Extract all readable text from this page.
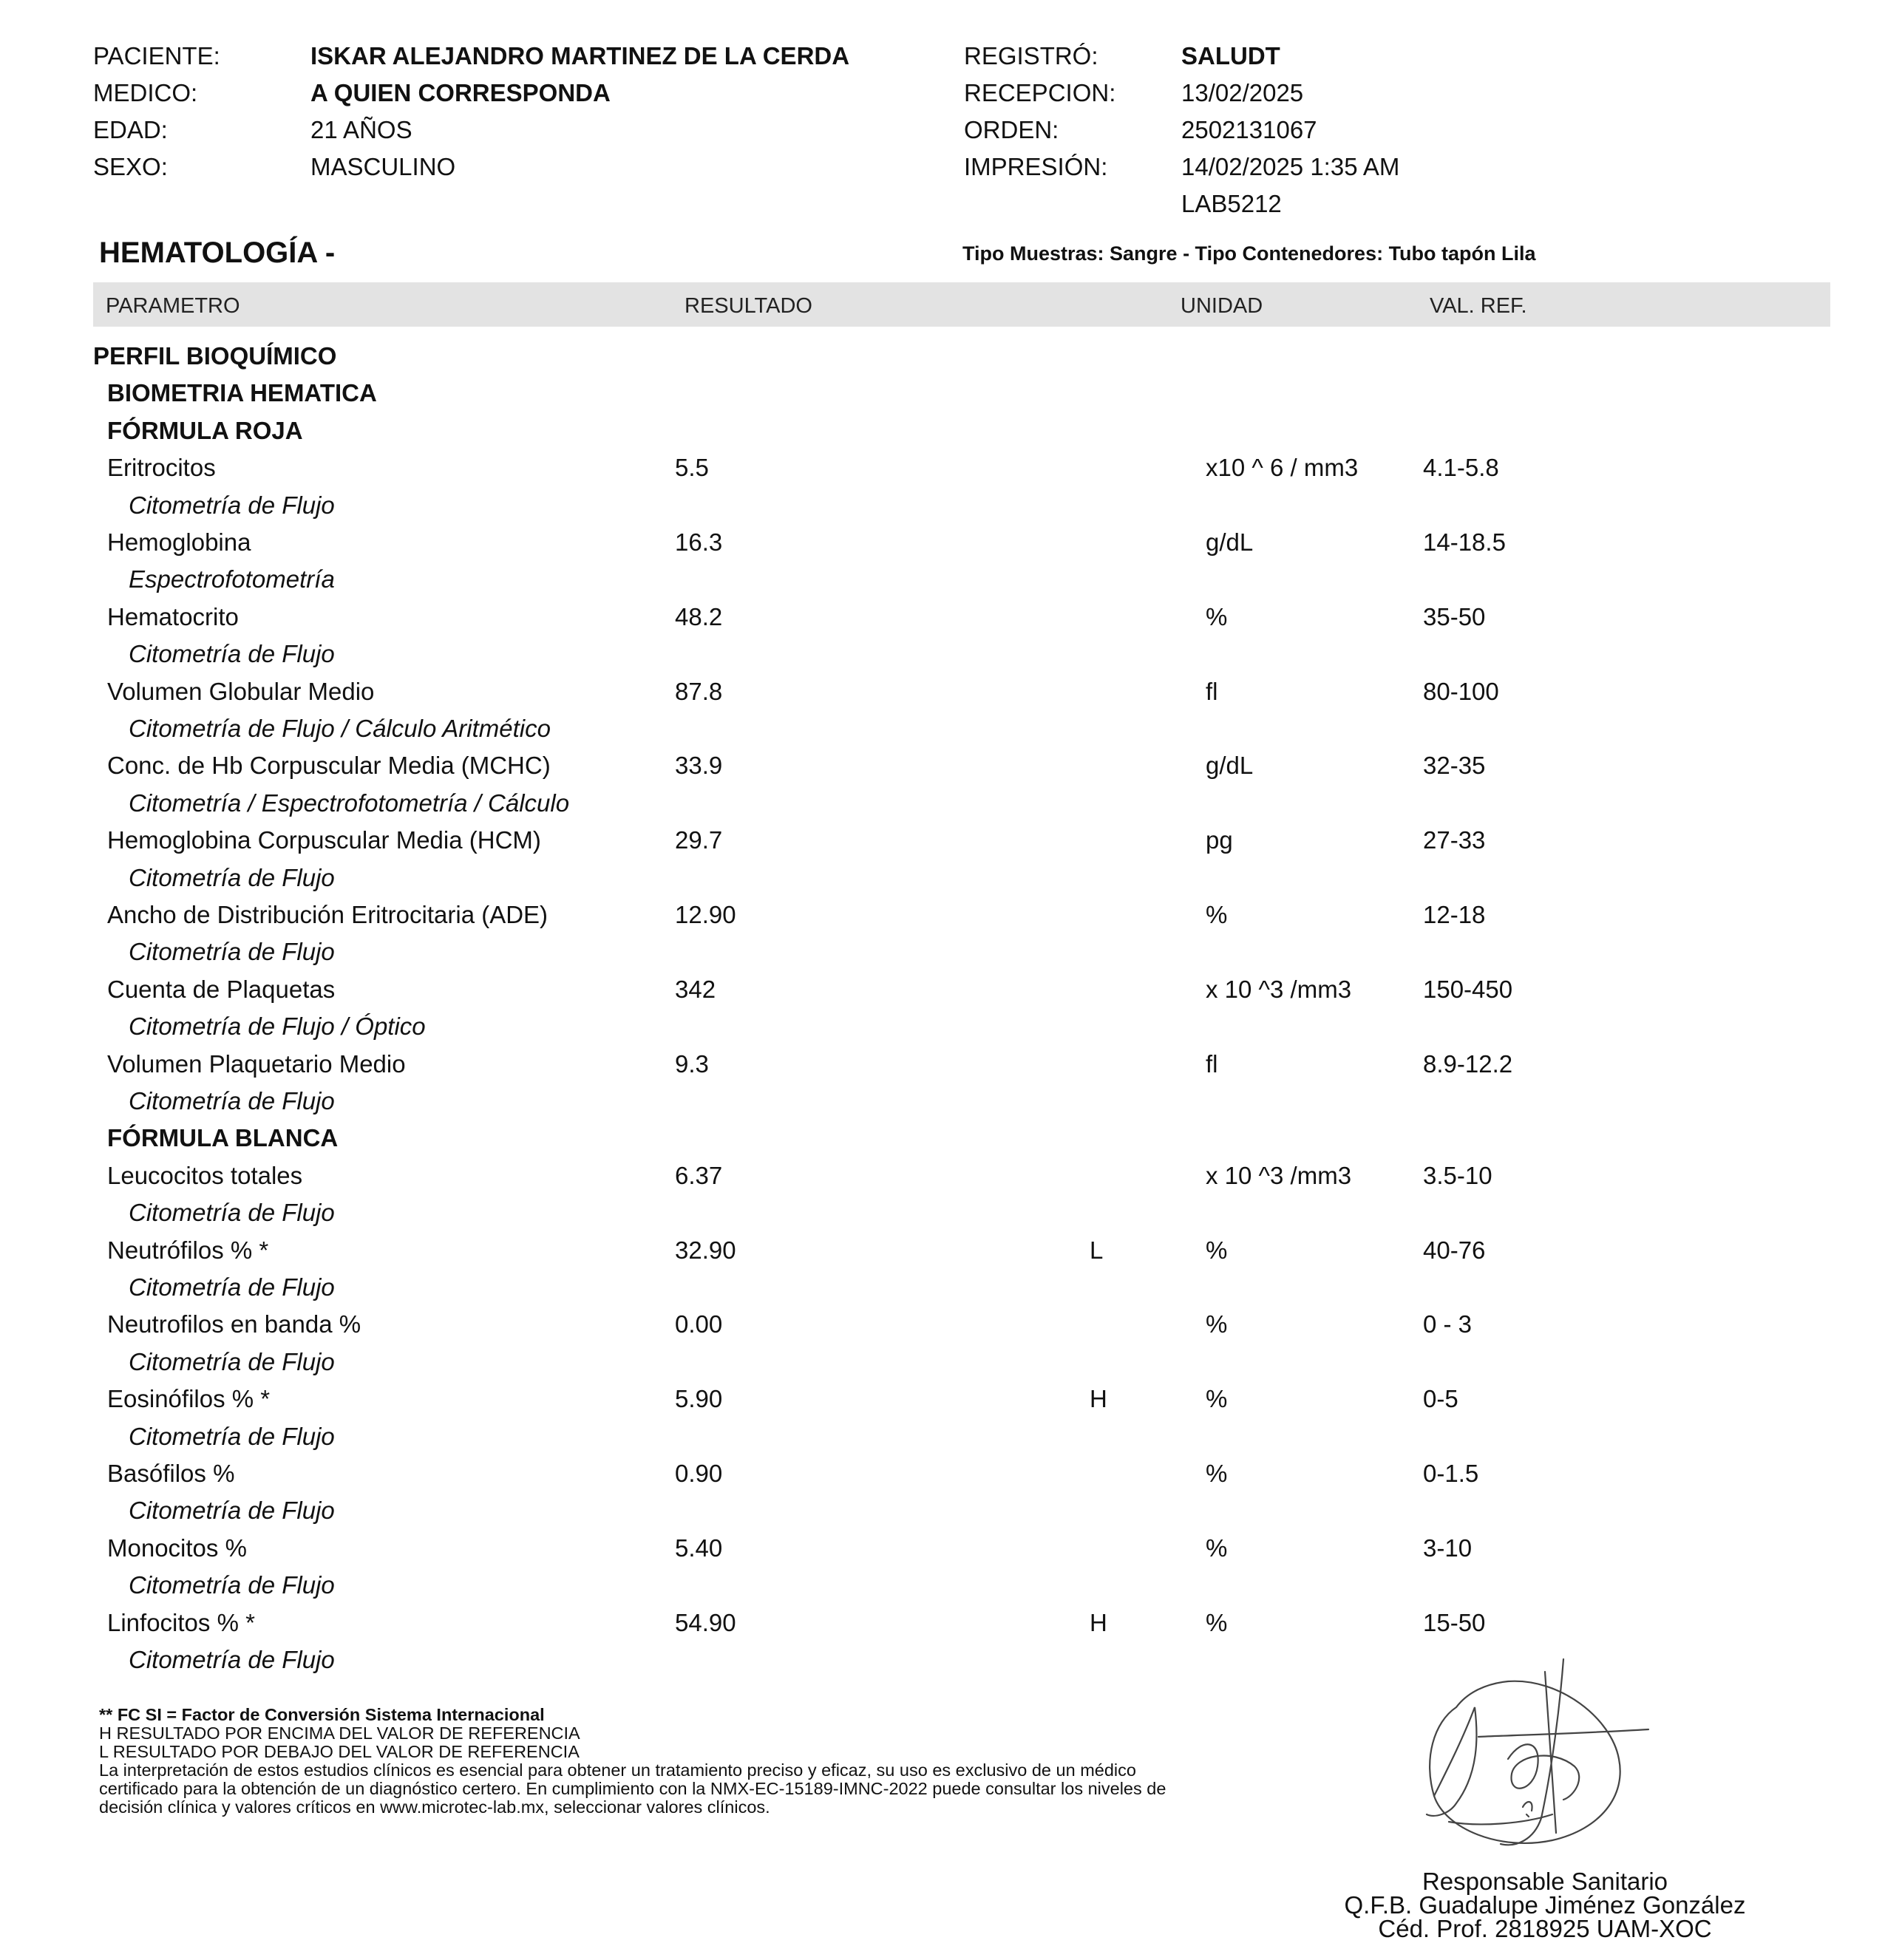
PACIENTE:	ISKAR ALEJANDRO MARTINEZ DE LA CERDA
MEDICO:	A QUIEN CORRESPONDA
EDAD:	21 AÑOS
SEXO:	MASCULINO
REGISTRÓ:	SALUDT
RECEPCION:	13/02/2025
ORDEN:	2502131067
IMPRESIÓN:	14/02/2025 1:35 AM
LAB5212
HEMATOLOGÍA -	Tipo Muestras: Sangre - Tipo Contenedores: Tubo tapón Lila
PARAMETRO	RESULTADO	UNIDAD	VAL. REF.
PERFIL BIOQUÍMICO
BIOMETRIA HEMATICA
FÓRMULA ROJA
Eritrocitos	5.5	x10 ^ 6 / mm3	4.1-5.8
Citometría de Flujo
Hemoglobina	16.3	g/dL	14-18.5
Espectrofotometría
Hematocrito	48.2	%	35-50
Citometría de Flujo
Volumen Globular Medio	87.8	fl	80-100
Citometría de Flujo / Cálculo Aritmético
Conc. de Hb Corpuscular Media (MCHC)	33.9	g/dL	32-35
Citometría / Espectrofotometría / Cálculo
Hemoglobina Corpuscular Media (HCM)	29.7	pg	27-33
Citometría de Flujo
Ancho de Distribución Eritrocitaria (ADE)	12.90	%	12-18
Citometría de Flujo
Cuenta de Plaquetas	342	x 10 ^3 /mm3	150-450
Citometría de Flujo / Óptico
Volumen Plaquetario Medio	9.3	fl	8.9-12.2
Citometría de Flujo
FÓRMULA BLANCA
Leucocitos totales	6.37	x 10 ^3 /mm3	3.5-10
Citometría de Flujo
Neutrófilos % *	32.90	L	%	40-76
Citometría de Flujo
Neutrofilos en banda %	0.00	%	0 - 3
Citometría de Flujo
Eosinófilos % *	5.90	H	%	0-5
Citometría de Flujo
Basófilos %	0.90	%	0-1.5
Citometría de Flujo
Monocitos %	5.40	%	3-10
Citometría de Flujo
Linfocitos % *	54.90	H	%	15-50
Citometría de Flujo
** FC SI = Factor de Conversión Sistema Internacional
H RESULTADO POR ENCIMA DEL VALOR DE REFERENCIA
L RESULTADO POR DEBAJO DEL VALOR DE REFERENCIA
La interpretación de estos estudios clínicos es esencial para obtener un tratamiento preciso y eficaz, su uso es exclusivo de un médico
certificado para la obtención de un diagnóstico certero. En cumplimiento con la NMX-EC-15189-IMNC-2022 puede consultar los niveles de
decisión clínica y valores críticos en www.microtec-lab.mx, seleccionar valores clínicos.
Responsable Sanitario
Q.F.B. Guadalupe Jiménez González
Céd. Prof. 2818925 UAM-XOC
